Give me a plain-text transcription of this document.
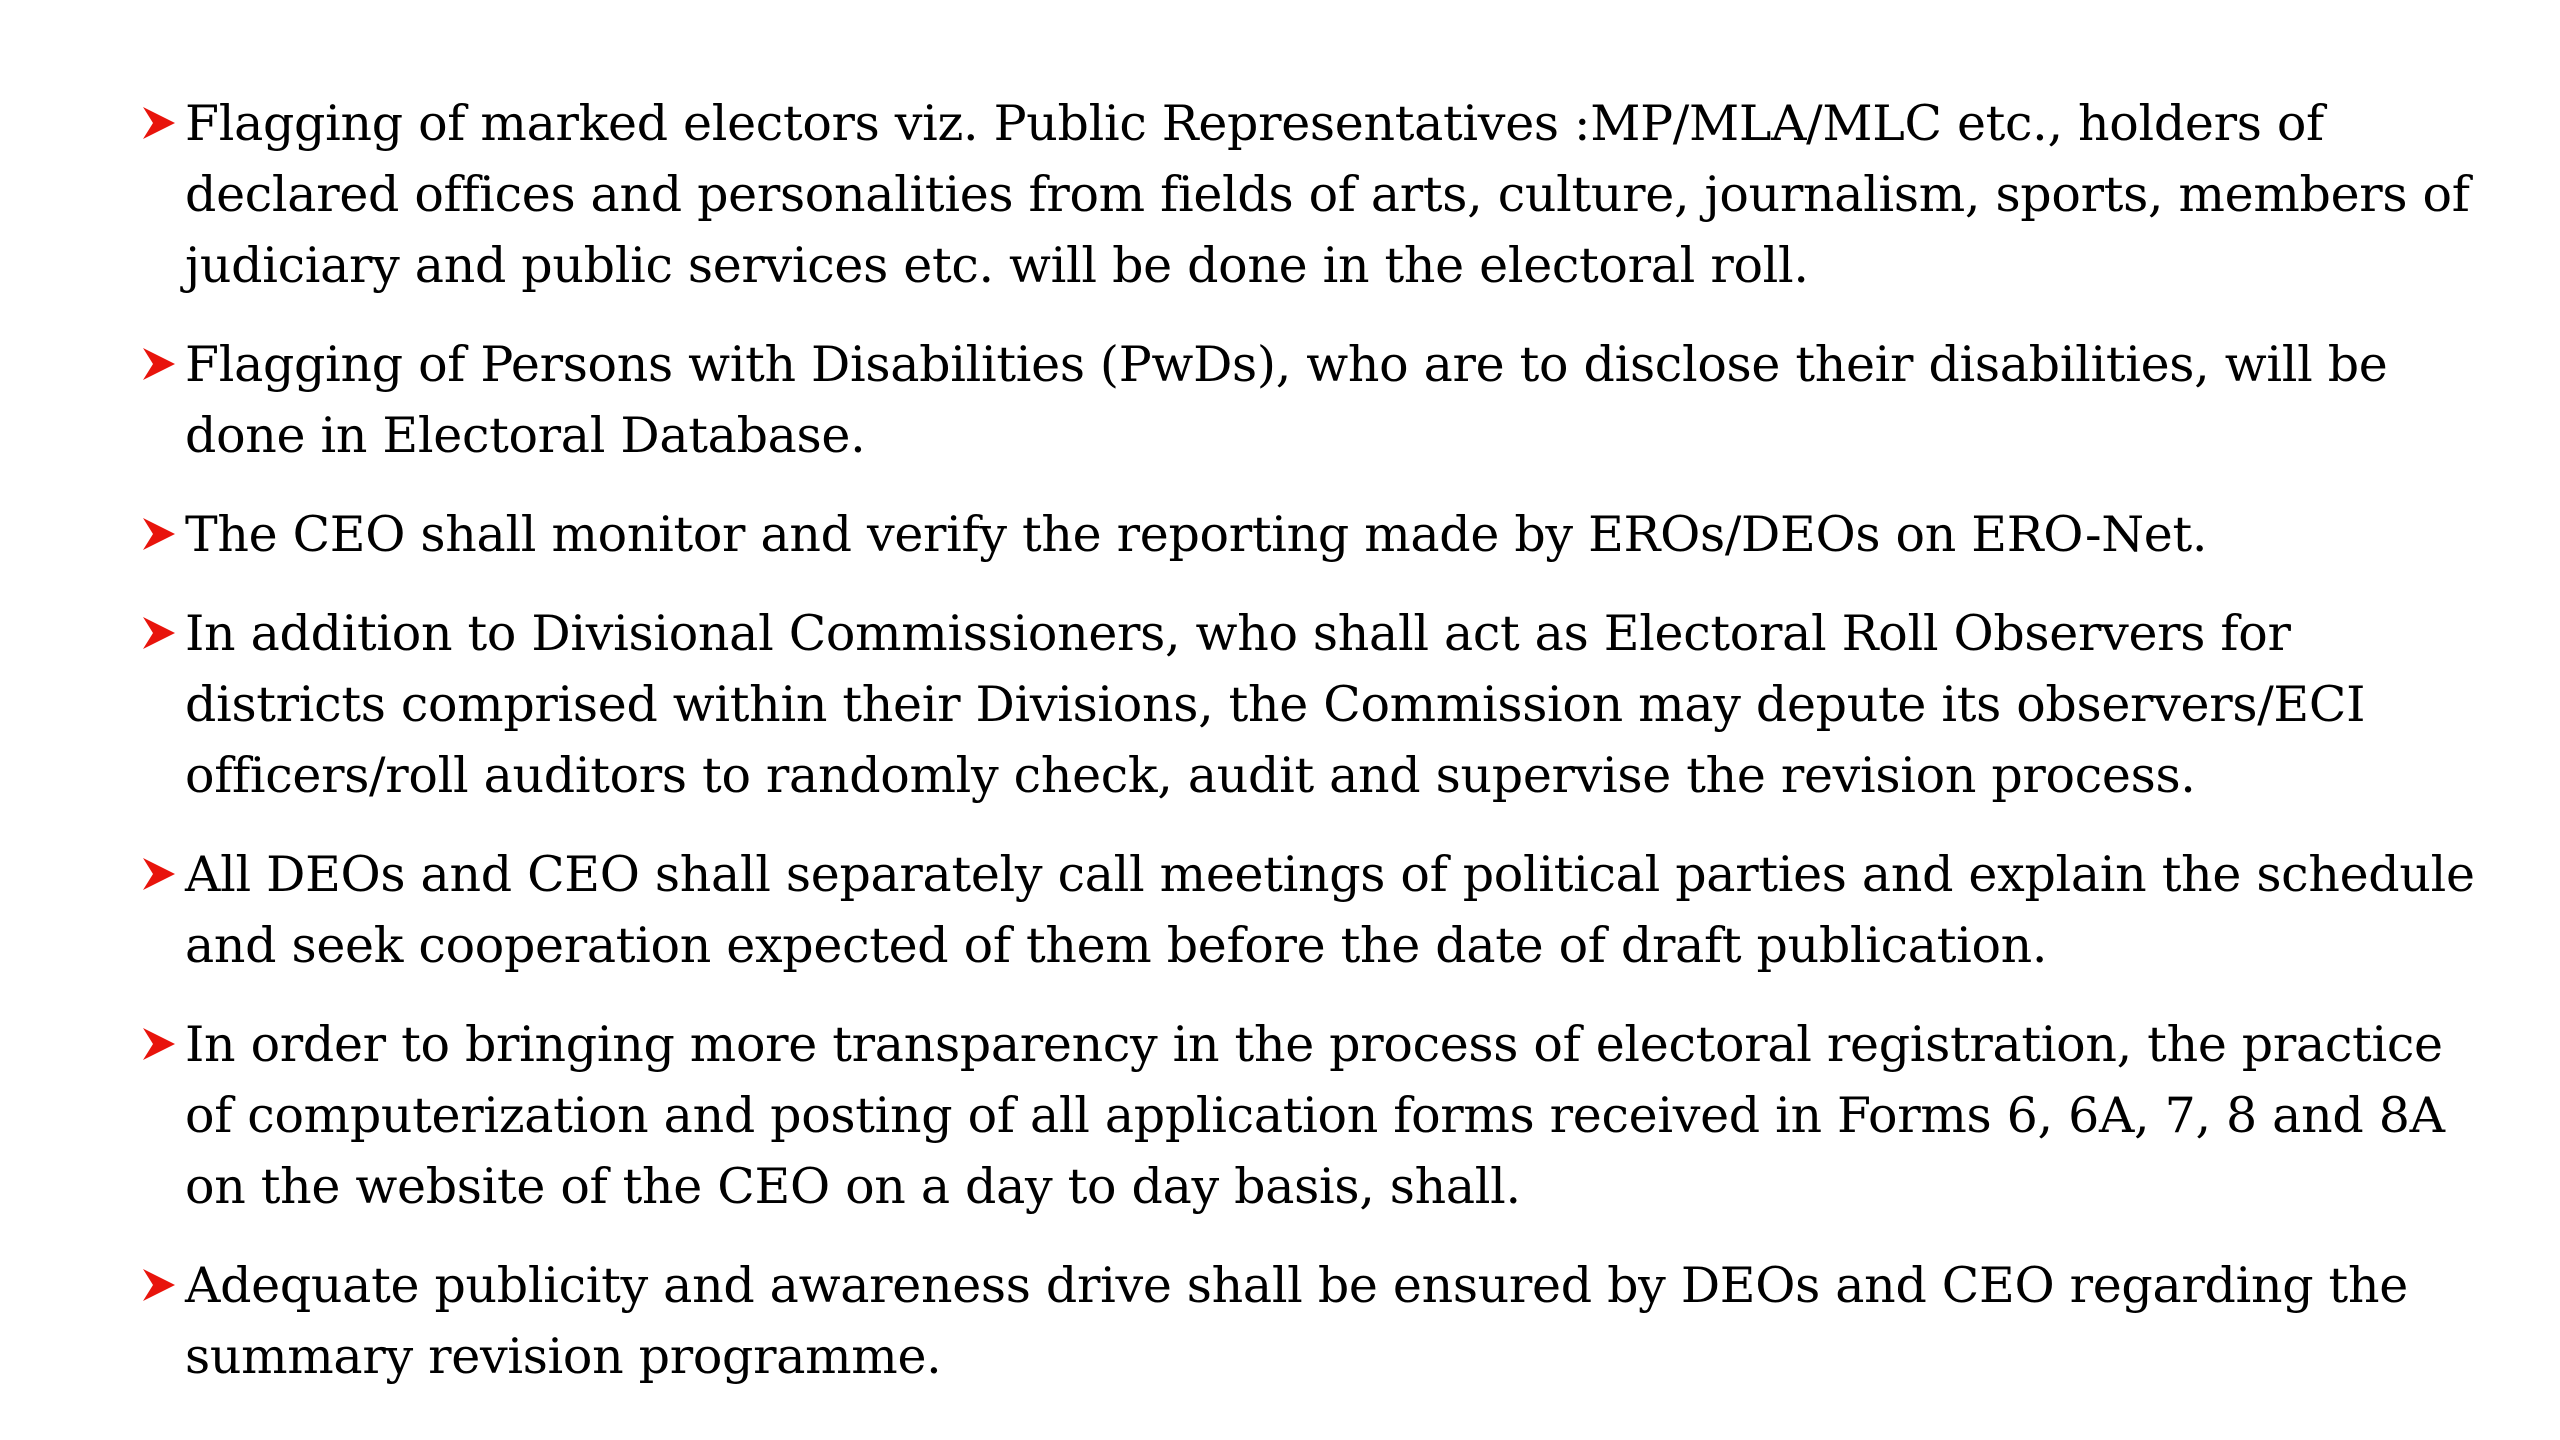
Flagging of marked electors viz. Public Representatives :MP/MLA/MLC etc., holders of declared offices and personalities from fields of arts, culture, journalism, sports, members of judiciary and public services etc. will be done in the electoral roll.
Flagging of Persons with Disabilities (PwDs), who are to disclose their disabilities, will be done in Electoral Database.
The CEO shall monitor and verify the reporting made by EROs/DEOs on ERO-Net.
In addition to Divisional Commissioners, who shall act as Electoral Roll Observers for districts comprised within their Divisions, the Commission may depute its observers/ECI officers/roll auditors to randomly check, audit and supervise the revision process.
All DEOs and CEO shall separately call meetings of political parties and explain the schedule and seek cooperation expected of them before the date of draft publication.
In order to bringing more transparency in the process of electoral registration, the practice of computerization and posting of all application forms received in Forms 6, 6A, 7, 8 and 8A on the website of the CEO on a day to day basis, shall.
Adequate publicity and awareness drive shall be ensured by DEOs and CEO regarding the summary revision programme.
